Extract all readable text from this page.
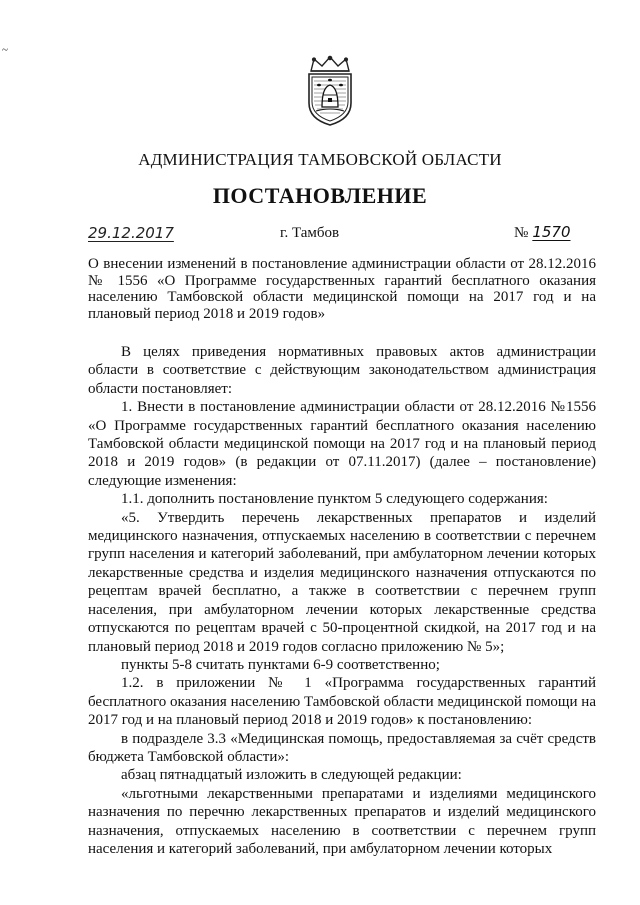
~
АДМИНИСТРАЦИЯ ТАМБОВСКОЙ ОБЛАСТИ
ПОСТАНОВЛЕНИЕ
29.12.2017	г. Тамбов	№ 1570
О внесении изменений в постановление администрации области от 28.12.2016 № 1556 «О Программе государственных гарантий бесплатного оказания населению Тамбовской области медицинской помощи на 2017 год и на плановый период 2018 и 2019 годов»

В целях приведения нормативных правовых актов администрации области в соответствие с действующим законодательством администрация области постановляет:

1. Внести в постановление администрации области от 28.12.2016 №1556 «О Программе государственных гарантий бесплатного оказания населению Тамбовской области медицинской помощи на 2017 год и на плановый период 2018 и 2019 годов» (в редакции от 07.11.2017) (далее – постановление) следующие изменения:

1.1. дополнить постановление пунктом 5 следующего содержания:

«5. Утвердить перечень лекарственных препаратов и изделий медицинского назначения, отпускаемых населению в соответствии с перечнем групп населения и категорий заболеваний, при амбулаторном лечении которых лекарственные средства и изделия медицинского назначения отпускаются по рецептам врачей бесплатно, а также в соответствии с перечнем групп населения, при амбулаторном лечении которых лекарственные средства отпускаются по рецептам врачей с 50-процентной скидкой, на 2017 год и на плановый период 2018 и 2019 годов согласно приложению № 5»;

пункты 5-8 считать пунктами 6-9 соответственно;

1.2. в приложении № 1 «Программа государственных гарантий бесплатного оказания населению Тамбовской области медицинской помощи на 2017 год и на плановый период 2018 и 2019 годов» к постановлению:

в подразделе 3.3 «Медицинская помощь, предоставляемая за счёт средств бюджета Тамбовской области»:

абзац пятнадцатый изложить в следующей редакции:

«льготными лекарственными препаратами и изделиями медицинского назначения по перечню лекарственных препаратов и изделий медицинского назначения, отпускаемых населению в соответствии с перечнем групп населения и категорий заболеваний, при амбулаторном лечении которых
